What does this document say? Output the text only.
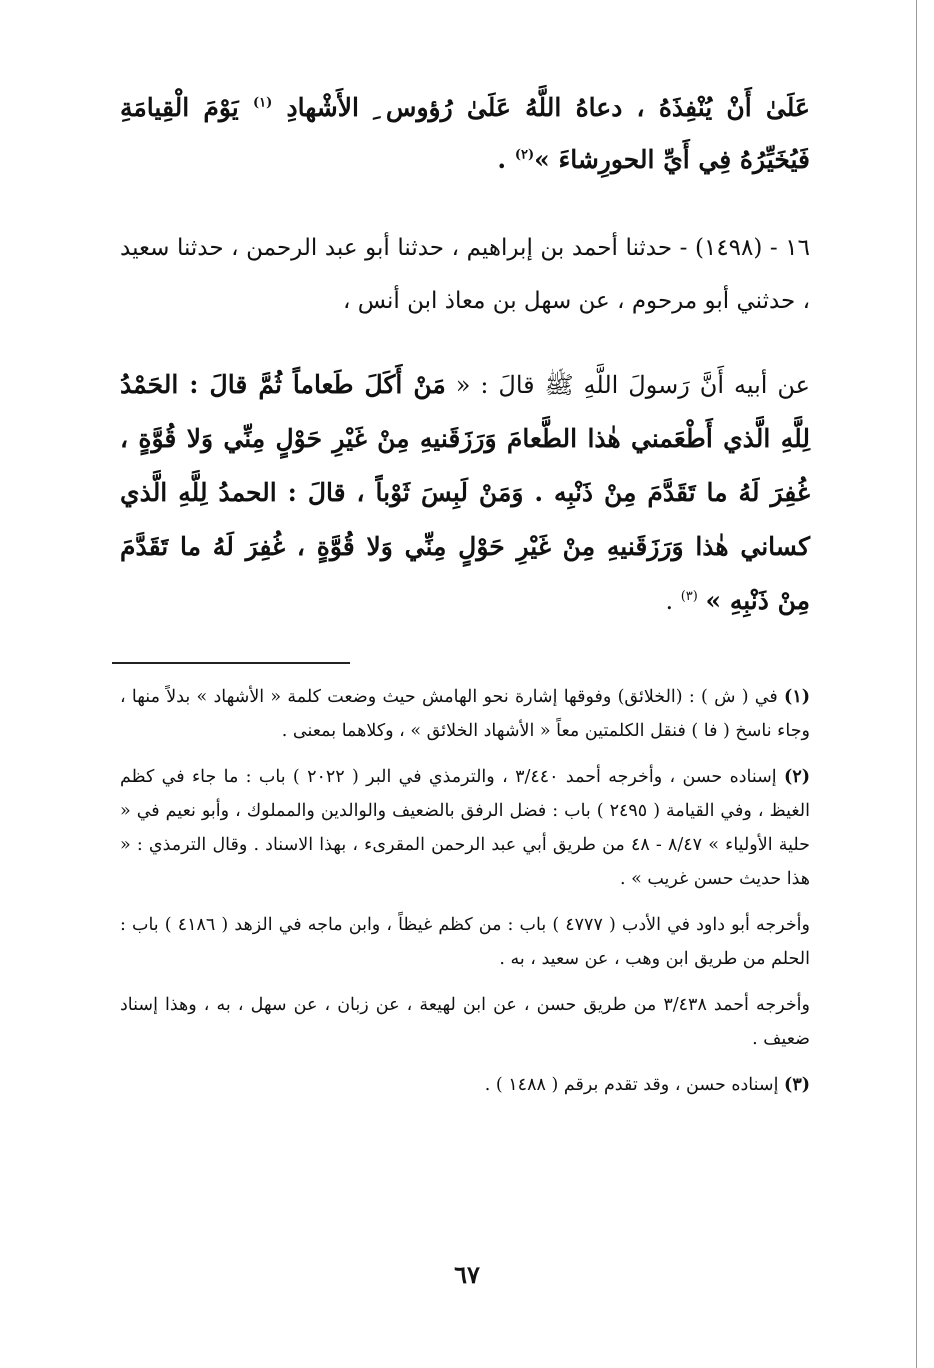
عَلَىٰ أَنْ يُنْفِذَهُ ، دعاهُ اللَّهُ عَلَىٰ رُؤوس ِ الأَشْهادِ $^{(١)}$ يَوْمَ الْقِيامَةِ فَيُخَيِّرُهُ فِي أَيِّ الحورِشاءَ »$^{(٢)}$ .

١٦ - (١٤٩٨) - حدثنا أحمد بن إبراهيم ، حدثنا أبو عبد الرحمن ، حدثنا سعيد ، حدثني أبو مرحوم ، عن سهل بن معاذ ابن أنس ،

عن أبيه أَنَّ رَسولَ اللَّهِ ﷺ قالَ : « مَنْ أَكَلَ طَعاماً ثُمَّ قالَ : الحَمْدُ لِلَّهِ الَّذي أَطْعَمني هٰذا الطَّعامَ وَرَزَقَنيهِ مِنْ غَيْرِ حَوْلٍ مِنِّي وَلا قُوَّةٍ ، غُفِرَ لَهُ ما تَقَدَّمَ مِنْ ذَنْبِه . وَمَنْ لَبِسَ ثَوْباً ، قالَ : الحمدُ لِلَّهِ الَّذي كساني هٰذا وَرَزَقَنيهِ مِنْ غَيْرِ حَوْلٍ مِنِّي وَلا قُوَّةٍ ، غُفِرَ لَهُ ما تَقَدَّمَ مِنْ ذَنْبِهِ » $^{(٣)}$ .

(١) في ( ش ) : (الخلائق) وفوقها إشارة نحو الهامش حيث وضعت كلمة « الأشهاد » بدلاً منها ، وجاء ناسخ ( فا ) فنقل الكلمتين معاً « الأشهاد الخلائق » ، وكلاهما بمعنى .

(٢) إسناده حسن ، وأخرجه أحمد ٣/٤٤٠ ، والترمذي في البر ( ٢٠٢٢ ) باب : ما جاء في كظم الغيظ ، وفي القيامة ( ٢٤٩٥ ) باب : فضل الرفق بالضعيف والوالدين والمملوك ، وأبو نعيم في « حلية الأولياء » ٨/٤٧ - ٤٨ من طريق أبي عبد الرحمن المقرىء ، بهذا الاسناد . وقال الترمذي : « هذا حديث حسن غريب » .

وأخرجه أبو داود في الأدب ( ٤٧٧٧ ) باب : من كظم غيظاً ، وابن ماجه في الزهد ( ٤١٨٦ ) باب : الحلم من طريق ابن وهب ، عن سعيد ، به .

وأخرجه أحمد ٣/٤٣٨ من طريق حسن ، عن ابن لهيعة ، عن زبان ، عن سهل ، به ، وهذا إسناد ضعيف .

(٣) إسناده حسن ، وقد تقدم برقم ( ١٤٨٨ ) .

٦٧
